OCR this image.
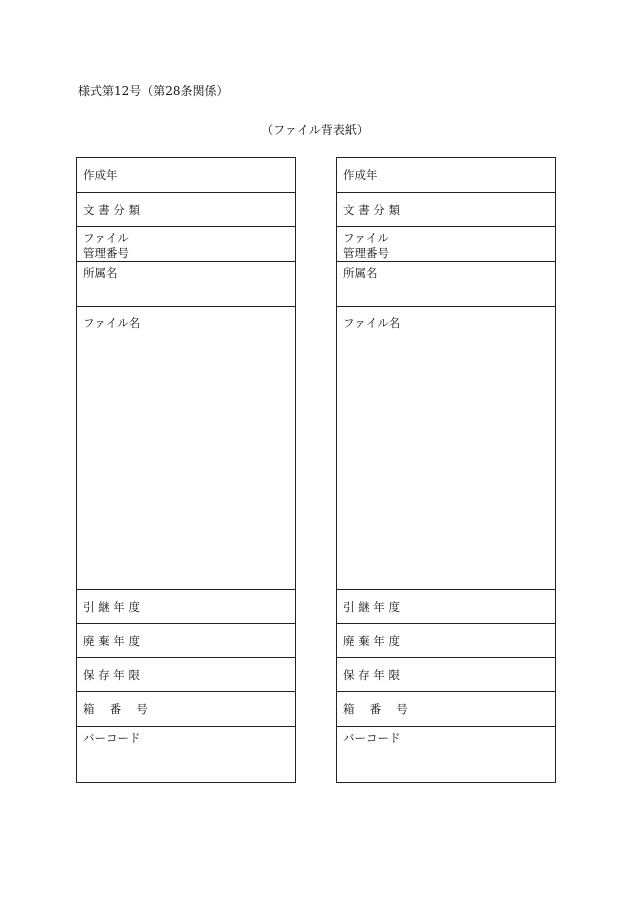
様式第12号（第28条関係）
（ファイル背表紙）
作成年
文 書 分 類
ファイル
管理番号
所属名
ファイル名
引 継 年 度
廃 棄 年 度
保 存 年 限
箱　 番　 号
バーコード
作成年
文 書 分 類
ファイル
管理番号
所属名
ファイル名
引 継 年 度
廃 棄 年 度
保 存 年 限
箱　 番　 号
バーコード
